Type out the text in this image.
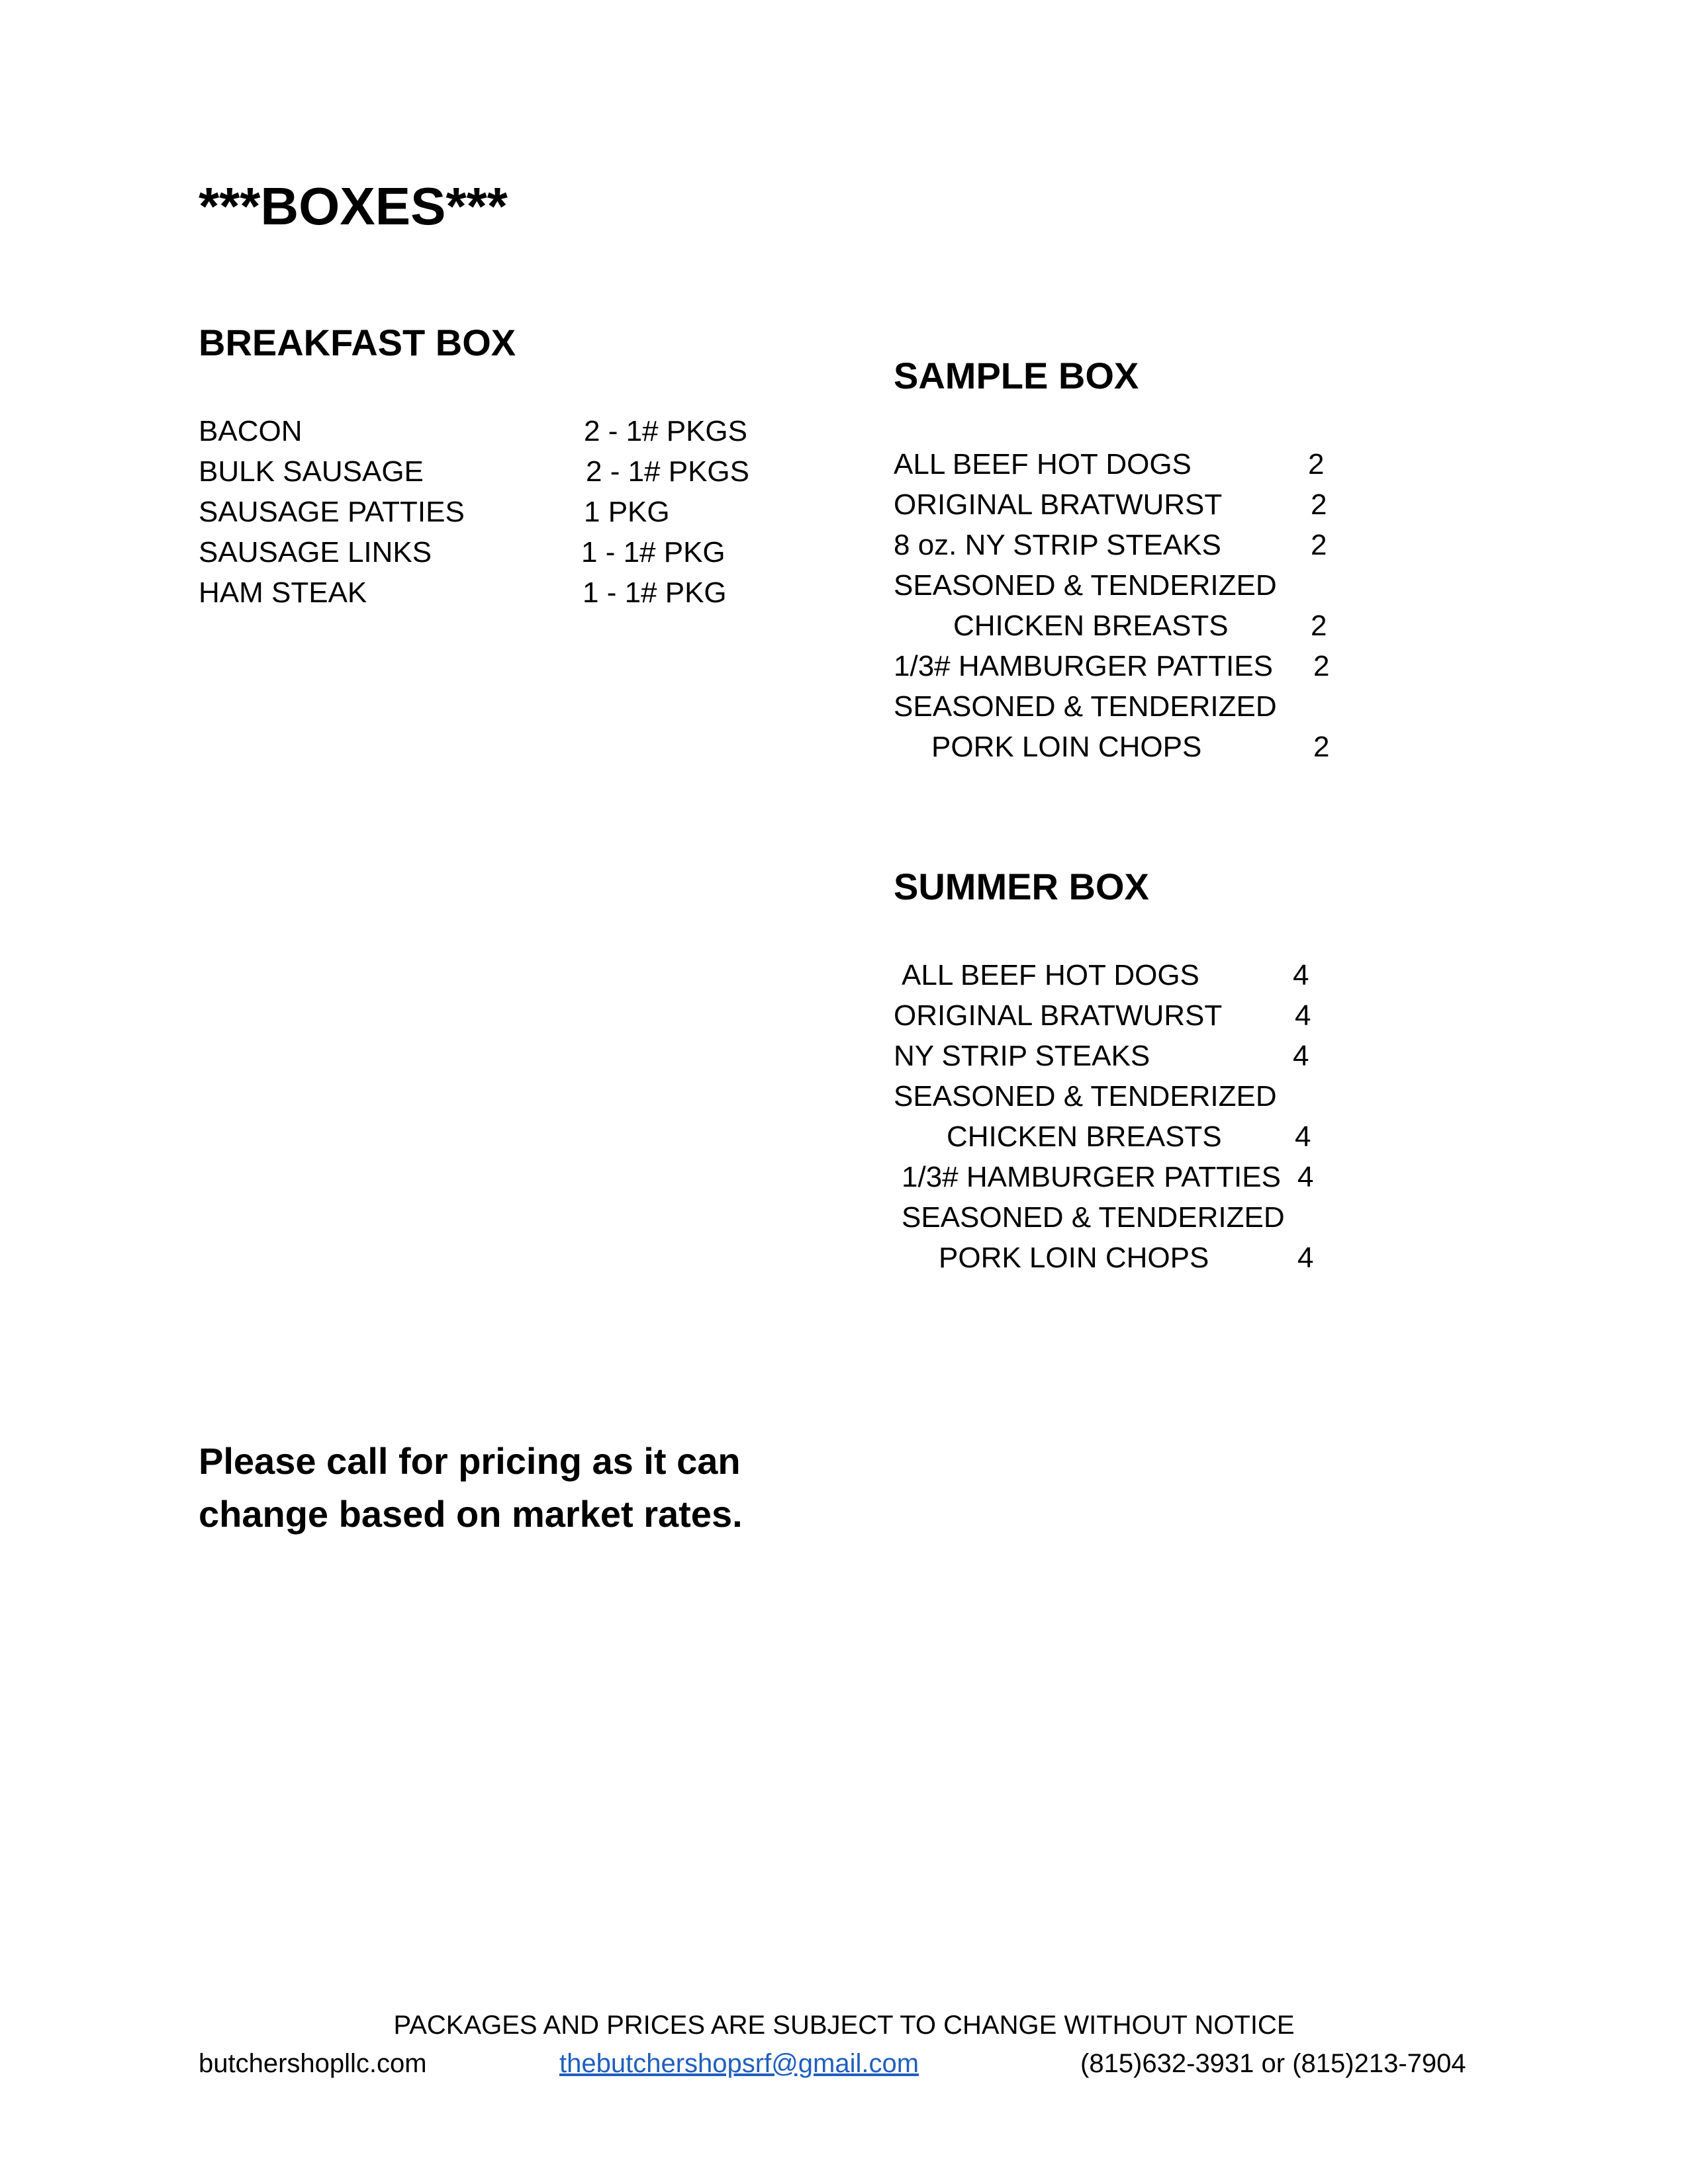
***BOXES***
BREAKFAST BOX
BACON	2 - 1# PKGS
BULK SAUSAGE	2 - 1# PKGS
SAUSAGE PATTIES	1 PKG
SAUSAGE LINKS	1 - 1# PKG
HAM STEAK	1 - 1# PKG
SAMPLE BOX
ALL BEEF HOT DOGS	2
ORIGINAL BRATWURST	2
8 oz. NY STRIP STEAKS	2
SEASONED & TENDERIZED
CHICKEN BREASTS	2
1/3# HAMBURGER PATTIES 2
SEASONED & TENDERIZED
PORK LOIN CHOPS	2
SUMMER BOX
ALL BEEF HOT DOGS	4
ORIGINAL BRATWURST 4
NY STRIP STEAKS	4
SEASONED & TENDERIZED
CHICKEN BREASTS	4
1/3# HAMBURGER PATTIES 4
SEASONED & TENDERIZED
PORK LOIN CHOPS	4
Please call for pricing as it can
change based on market rates.
PACKAGES AND PRICES ARE SUBJECT TO CHANGE WITHOUT NOTICE
butchershopllc.com	thebutchershopsrf@gmail.com	(815)632-3931 or (815)213-7904
